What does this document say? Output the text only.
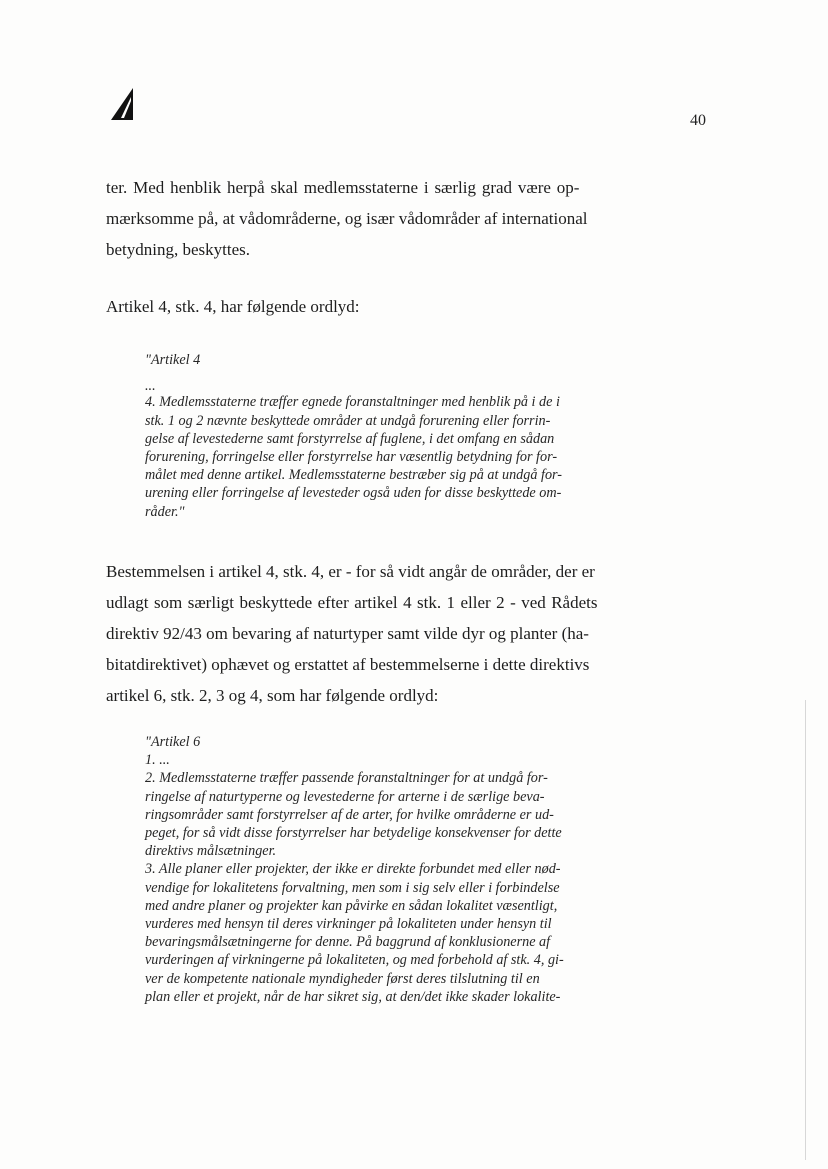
40
ter. Med henblik herpå skal medlemsstaterne i særlig grad være op-
mærksomme på, at vådområderne, og især vådområder af international
betydning, beskyttes.
Artikel 4, stk. 4, har følgende ordlyd:
"Artikel 4
...
4. Medlemsstaterne træffer egnede foranstaltninger med henblik på i de i
stk. 1 og 2 nævnte beskyttede områder at undgå forurening eller forrin-
gelse af levestederne samt forstyrrelse af fuglene, i det omfang en sådan
forurening, forringelse eller forstyrrelse har væsentlig betydning for for-
målet med denne artikel. Medlemsstaterne bestræber sig på at undgå for-
urening eller forringelse af levesteder også uden for disse beskyttede om-
råder."
Bestemmelsen i artikel 4, stk. 4, er - for så vidt angår de områder, der er
udlagt som særligt beskyttede efter artikel 4 stk. 1 eller 2 - ved Rådets
direktiv 92/43 om bevaring af naturtyper samt vilde dyr og planter (ha-
bitatdirektivet) ophævet og erstattet af bestemmelserne i dette direktivs
artikel 6, stk. 2, 3 og 4, som har følgende ordlyd:
"Artikel 6
1. ...
2. Medlemsstaterne træffer passende foranstaltninger for at undgå for-
ringelse af naturtyperne og levestederne for arterne i de særlige beva-
ringsområder samt forstyrrelser af de arter, for hvilke områderne er ud-
peget, for så vidt disse forstyrrelser har betydelige konsekvenser for dette
direktivs målsætninger.
3. Alle planer eller projekter, der ikke er direkte forbundet med eller nød-
vendige for lokalitetens forvaltning, men som i sig selv eller i forbindelse
med andre planer og projekter kan påvirke en sådan lokalitet væsentligt,
vurderes med hensyn til deres virkninger på lokaliteten under hensyn til
bevaringsmålsætningerne for denne. På baggrund af konklusionerne af
vurderingen af virkningerne på lokaliteten, og med forbehold af stk. 4, gi-
ver de kompetente nationale myndigheder først deres tilslutning til en
plan eller et projekt, når de har sikret sig, at den/det ikke skader lokalite-
